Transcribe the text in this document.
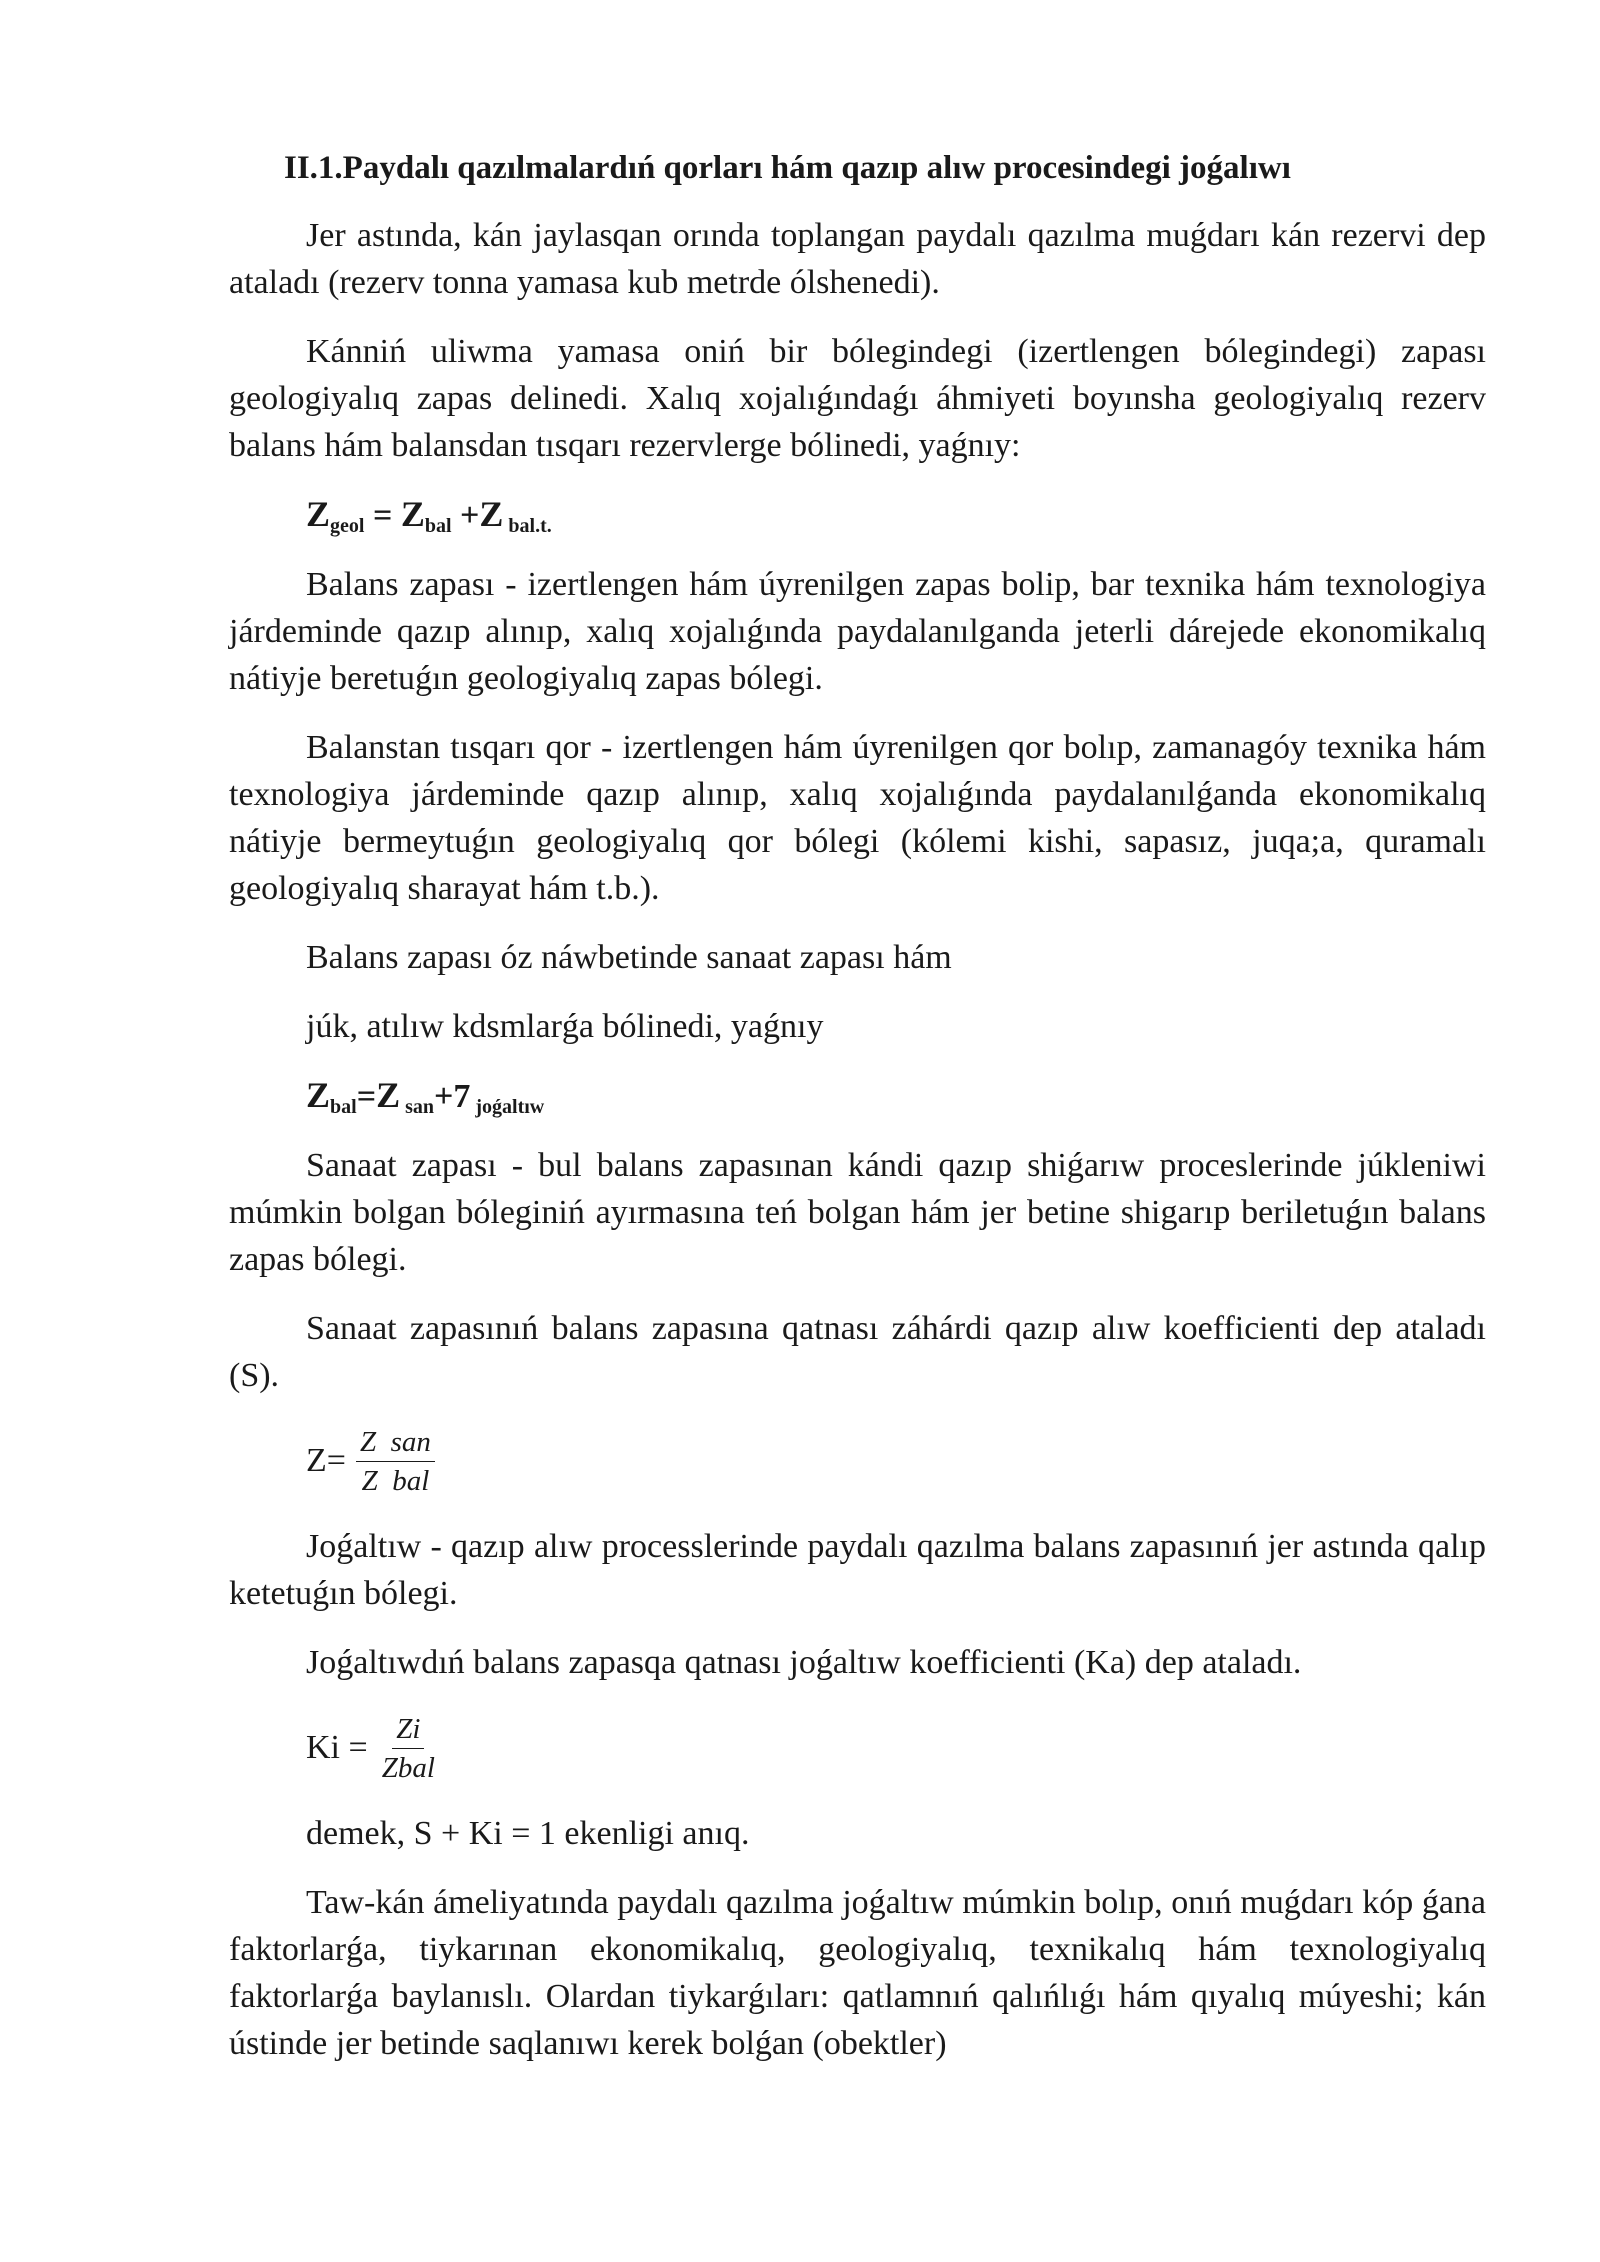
II.1.Paydalı qazılmalardıń qorları hám qazıp alıw procesindegi jоǵalıwı

Jer astında, kán jaylasqan orında toplangan paydalı qazılma muǵdarı kán rezervi dep ataladı (rezerv tonna yamasa kub metrde ólshenedi).

Kánniń uliwma yamasa oniń bir bólegindegi (izertlengen bólegindegi) zapası geologiyalıq zapas delinedi. Xalıq xojalıǵındaǵı áhmiyeti boyınsha geologiyalıq rezerv balans hám balansdan tısqarı rezervlerge bólinedi, yaǵnıy:

$Z_{geol} = Z_{bal} +Z$ $_{bal.t.}$

Balans zapası - izertlengen hám úyrenilgen zapas bolip, bar texnika hám texnologiya járdeminde qazıp alınıp, xalıq xojalıǵında paydalanılganda jeterli dárejede ekonomikalıq nátiyje beretuǵın geologiyalıq zapas bólegi.

Balanstan tısqarı qor - izertlengen hám úyrenilgen qor bolıp, zamanagóy texnika hám texnologiya járdeminde qazıp alınıp, xalıq xojalıǵında paydalanılǵanda ekonomikalıq nátiyje bermeytuǵın geologiyalıq qor bólegi (kólemi kishi, sapasız, juqa;a, quramalı geologiyalıq sharayat hám t.b.).

Balans zapası óz náwbetinde sanaat zapası hám
júk, atılıw kdsmlarǵa bólinedi, yaǵnıy
$Z_{bal}=Z$ $_{san}$+7 $_{joǵaltıw}$

Sanaat zapası - bul balans zapasınan kándi qazıp shiǵarıw proceslerinde júkleniwi múmkin bolgan bóleginiń ayırmasına teń bolgan hám jer betine shigarıp beriletuǵın balans zapas bólegi.

Sanaat zapasınıń balans zapasına qatnası záhárdi qazıp alıw koefficienti dep ataladı (S).

$Z= \frac{\text{Z  san}}{\text{Z  bal}}$

Joǵaltıw - qazıp alıw processlerinde paydalı qazılma balans zapasınıń jer astında qalıp ketetuǵın bólegi.

Joǵaltıwdıń balans zapasqa qatnası joǵaltıw koefficienti (Ka) dep ataladı.

$Ki = \frac{Zi}{\text{Zbal}}$
demek, S + Ki = 1 ekenligi anıq.

Taw-kán ámeliyatında paydalı qazılma joǵaltıw múmkin bolıp, onıń muǵdarı kóp ǵana faktorlarǵa, tiykarınan ekonomikalıq, geologiyalıq, texnikalıq hám texnologiyalıq faktorlarǵa baylanıslı. Olardan tiykarǵıları: qatlamnıń qalıńlıǵı hám qıyalıq múyeshi; kán ústinde jer betinde saqlanıwı kerek bolǵan (obektler)
